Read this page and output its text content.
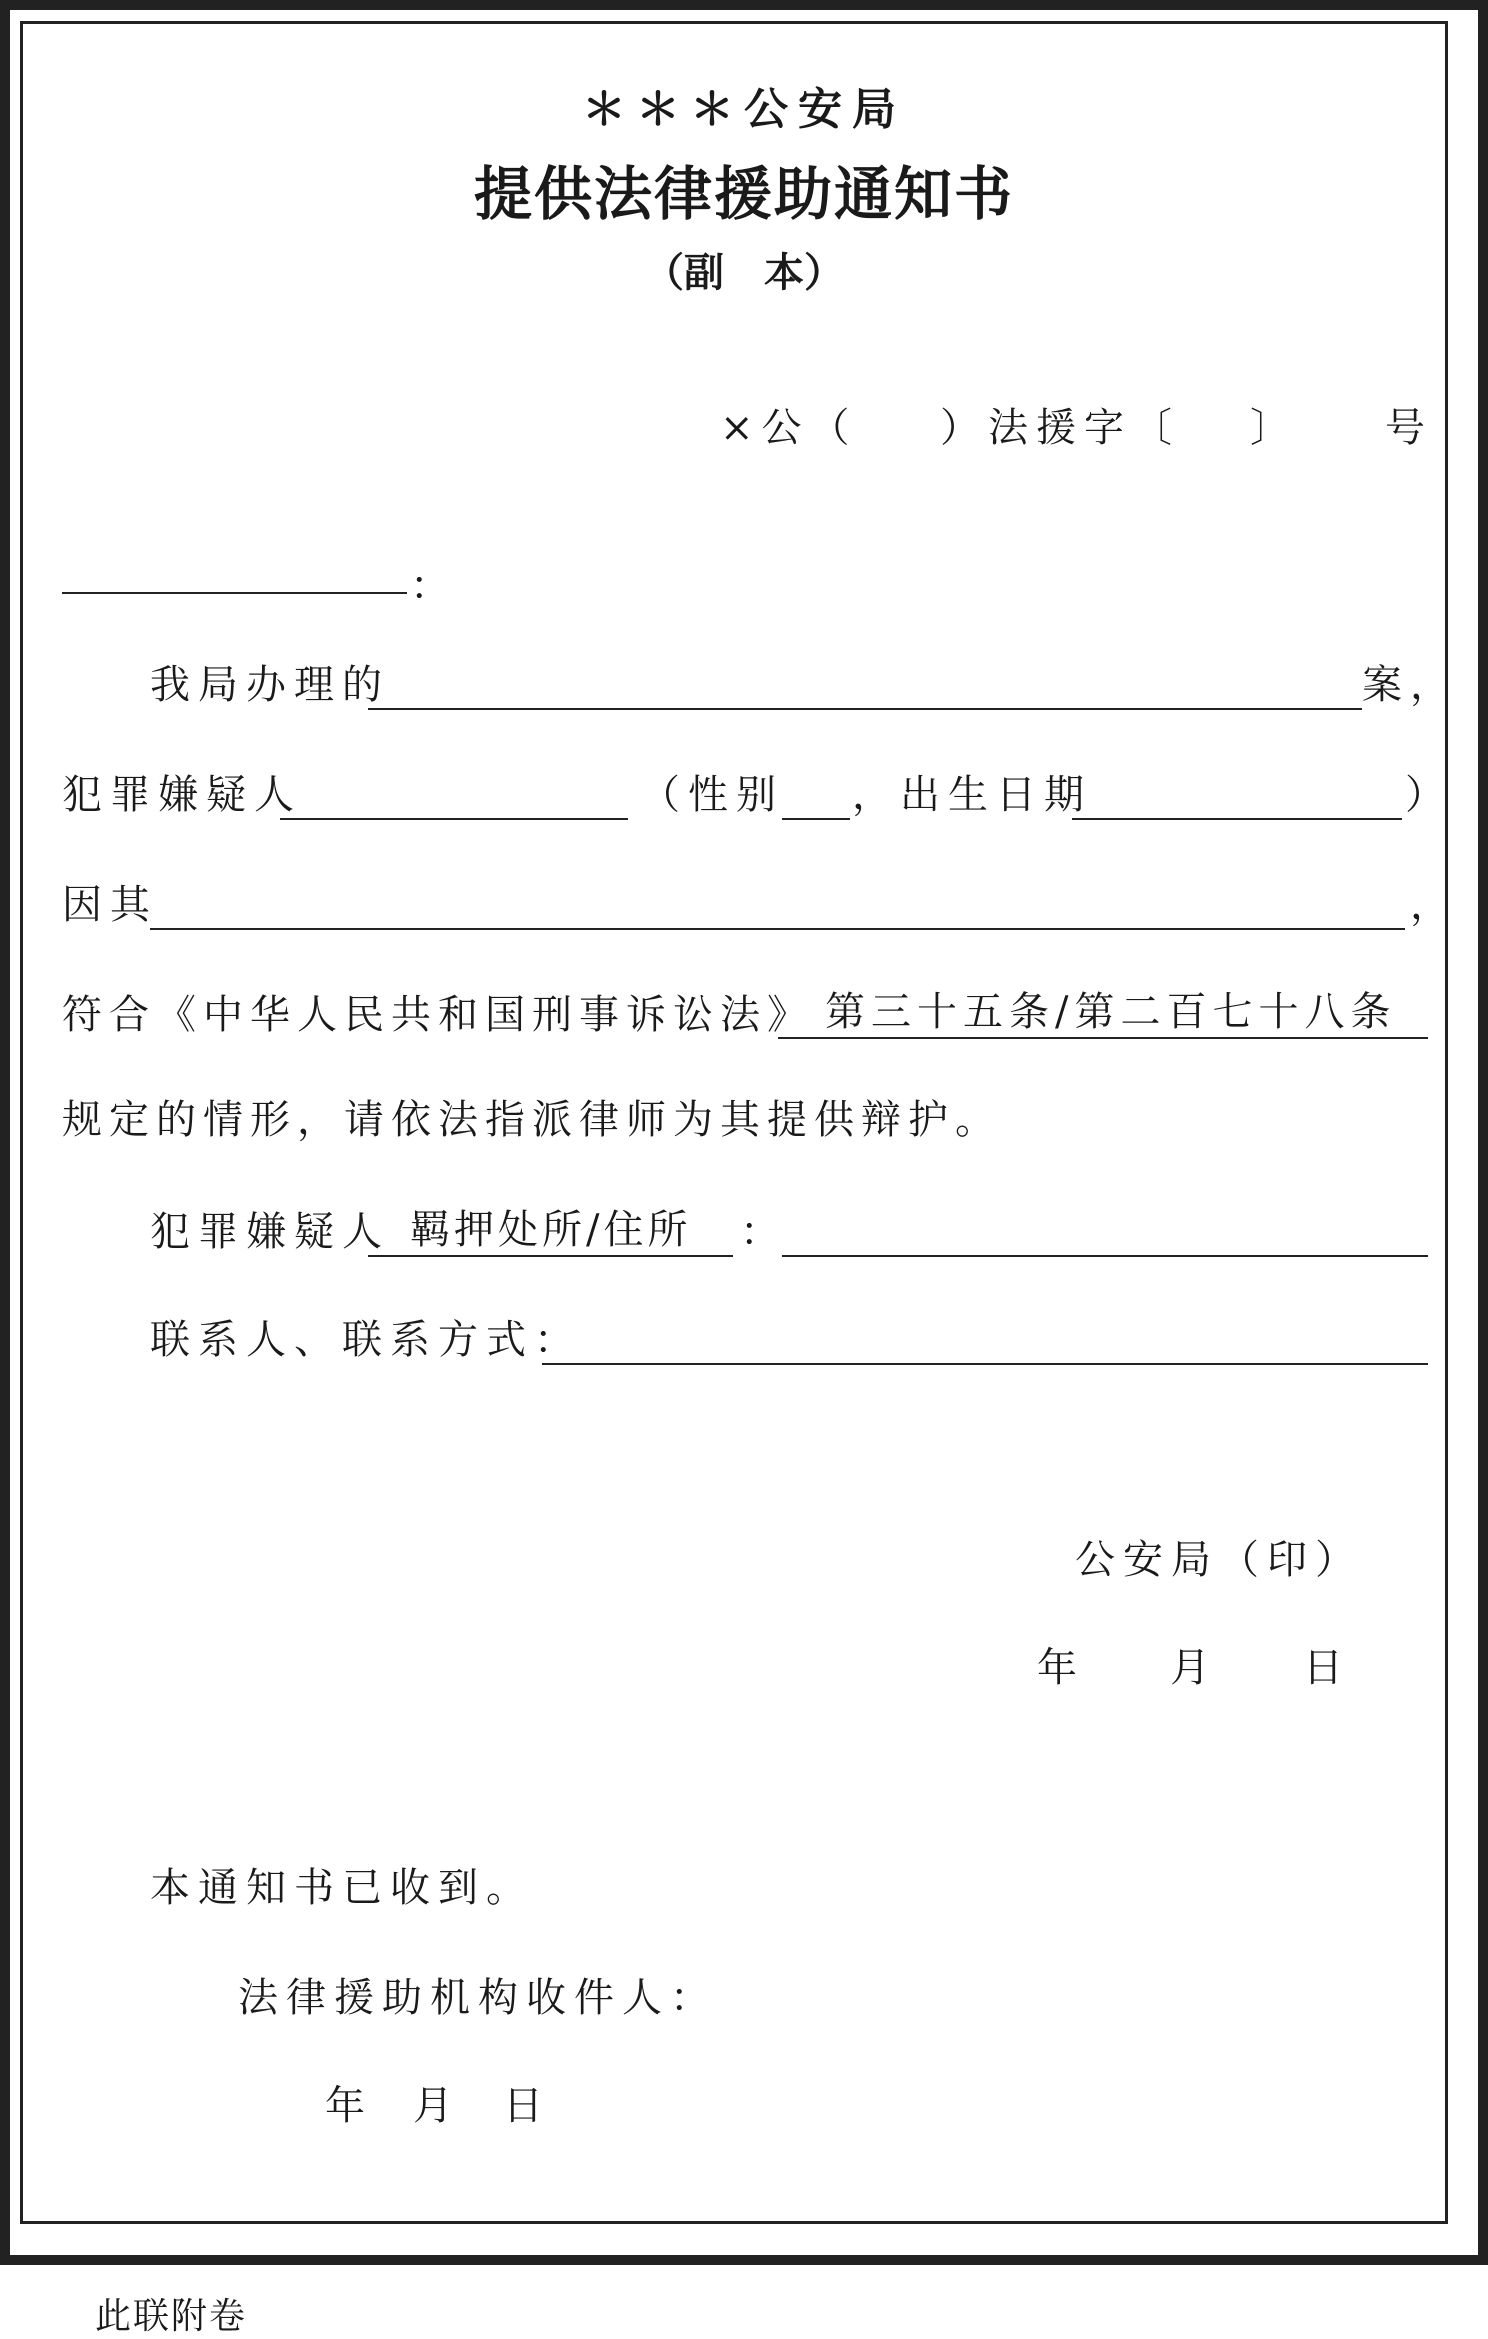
＊＊＊公安局
提供法律援助通知书
（副　本）
×公（ ）法援字〔 〕 号
：
我局办理的	案，
犯罪嫌疑人	（性别 ，出生日期	）
因其	，
符合《中华人民共和国刑事诉讼法》 第三十五条/第二百七十八条
规定的情形，请依法指派律师为其提供辩护。
犯罪嫌疑人 羁押处所/住所 ：
联系人、联系方式：
公安局（印）
年 月 日
本通知书已收到。
法律援助机构收件人：
年 月 日
此联附卷
